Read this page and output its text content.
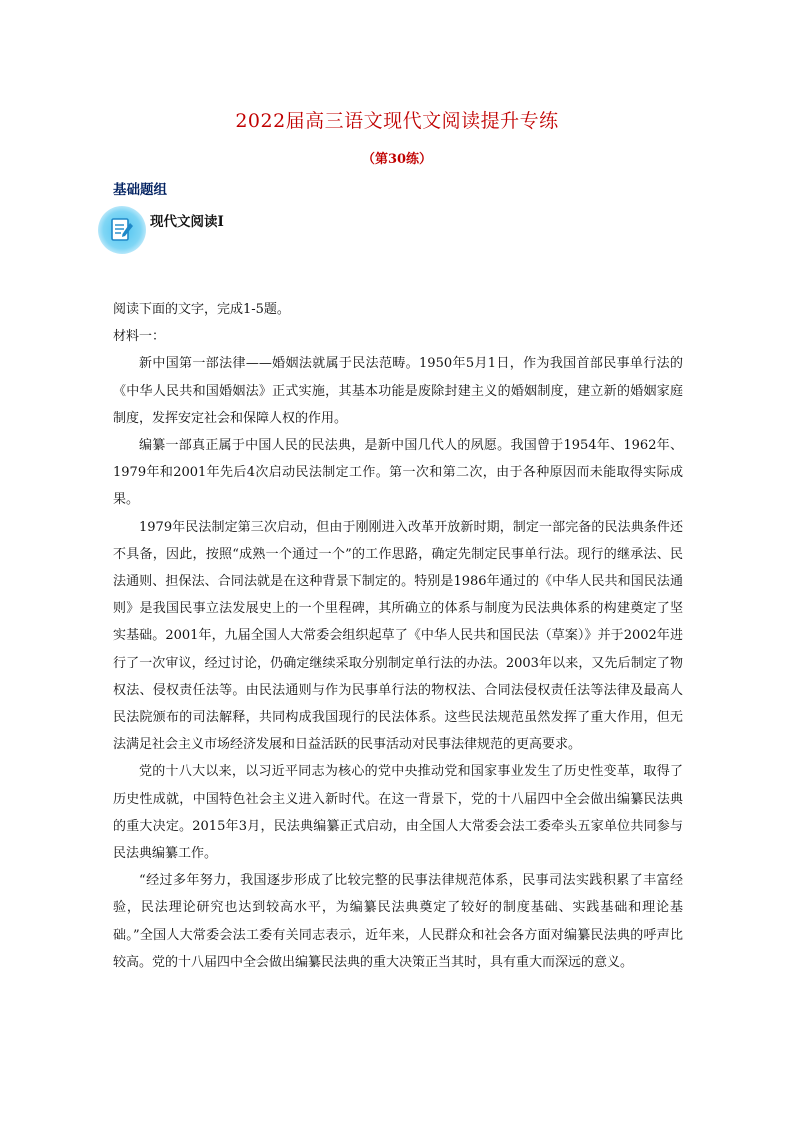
2022届高三语文现代文阅读提升专练
（第30练）
基础题组
现代文阅读Ⅰ

阅读下面的文字，完成1-5题。

材料一：

新中国第一部法律——婚姻法就属于民法范畴。1950年5月1日，作为我国首部民事单行法的《中华人民共和国婚姻法》正式实施，其基本功能是废除封建主义的婚姻制度，建立新的婚姻家庭制度，发挥安定社会和保障人权的作用。

编纂一部真正属于中国人民的民法典，是新中国几代人的夙愿。我国曾于1954年、1962年、1979年和2001年先后4次启动民法制定工作。第一次和第二次，由于各种原因而未能取得实际成果。

1979年民法制定第三次启动，但由于刚刚进入改革开放新时期，制定一部完备的民法典条件还不具备，因此，按照“成熟一个通过一个”的工作思路，确定先制定民事单行法。现行的继承法、民法通则、担保法、合同法就是在这种背景下制定的。特别是1986年通过的《中华人民共和国民法通则》是我国民事立法发展史上的一个里程碑，其所确立的体系与制度为民法典体系的构建奠定了坚实基础。2001年，九届全国人大常委会组织起草了《中华人民共和国民法（草案）》并于2002年进行了一次审议，经过讨论，仍确定继续采取分别制定单行法的办法。2003年以来，又先后制定了物权法、侵权责任法等。由民法通则与作为民事单行法的物权法、合同法侵权责任法等法律及最高人民法院颁布的司法解释，共同构成我国现行的民法体系。这些民法规范虽然发挥了重大作用，但无法满足社会主义市场经济发展和日益活跃的民事活动对民事法律规范的更高要求。

党的十八大以来，以习近平同志为核心的党中央推动党和国家事业发生了历史性变革，取得了历史性成就，中国特色社会主义进入新时代。在这一背景下，党的十八届四中全会做出编纂民法典的重大决定。2015年3月，民法典编纂正式启动，由全国人大常委会法工委牵头五家单位共同参与民法典编纂工作。

“经过多年努力，我国逐步形成了比较完整的民事法律规范体系，民事司法实践积累了丰富经验，民法理论研究也达到较高水平，为编纂民法典奠定了较好的制度基础、实践基础和理论基础。”全国人大常委会法工委有关同志表示，近年来，人民群众和社会各方面对编纂民法典的呼声比较高。党的十八届四中全会做出编纂民法典的重大决策正当其时，具有重大而深远的意义。
